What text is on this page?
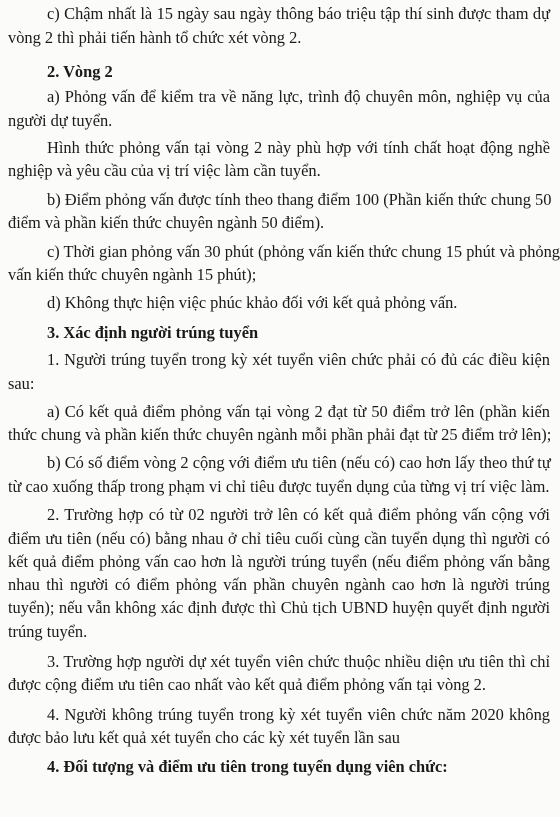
c) Chậm nhất là 15 ngày sau ngày thông báo triệu tập thí sinh được tham dự
vòng 2 thì phải tiến hành tổ chức xét vòng 2.
2. Vòng 2
a) Phỏng vấn để kiểm tra về năng lực, trình độ chuyên môn, nghiệp vụ của
người dự tuyển.
Hình thức phỏng vấn tại vòng 2 này phù hợp với tính chất hoạt động nghề
nghiệp và yêu cầu của vị trí việc làm cần tuyển.
b) Điểm phỏng vấn được tính theo thang điểm 100 (Phần kiến thức chung 50
điểm và phần kiến thức chuyên ngành 50 điểm).
c) Thời gian phỏng vấn 30 phút (phỏng vấn kiến thức chung 15 phút và phỏng
vấn kiến thức chuyên ngành 15 phút);
d) Không thực hiện việc phúc khảo đối với kết quả phỏng vấn.
3. Xác định người trúng tuyển
1. Người trúng tuyển trong kỳ xét tuyển viên chức phải có đủ các điều kiện
sau:
a) Có kết quả điểm phỏng vấn tại vòng 2 đạt từ 50 điểm trở lên (phần kiến
thức chung và phần kiến thức chuyên ngành mỗi phần phải đạt từ 25 điểm trở lên);
b) Có số điểm vòng 2 cộng với điểm ưu tiên (nếu có) cao hơn lấy theo thứ tự
từ cao xuống thấp trong phạm vi chỉ tiêu được tuyển dụng của từng vị trí việc làm.
2. Trường hợp có từ 02 người trở lên có kết quả điểm phỏng vấn cộng với
điểm ưu tiên (nếu có) bằng nhau ở chỉ tiêu cuối cùng cần tuyển dụng thì người có
kết quả điểm phỏng vấn cao hơn là người trúng tuyển (nếu điểm phỏng vấn bằng
nhau thì người có điểm phỏng vấn phần chuyên ngành cao hơn là người trúng
tuyển); nếu vẫn không xác định được thì Chủ tịch UBND huyện quyết định người
trúng tuyển.
3. Trường hợp người dự xét tuyển viên chức thuộc nhiều diện ưu tiên thì chỉ
được cộng điểm ưu tiên cao nhất vào kết quả điểm phỏng vấn tại vòng 2.
4. Người không trúng tuyển trong kỳ xét tuyển viên chức năm 2020 không
được bảo lưu kết quả xét tuyển cho các kỳ xét tuyển lần sau
4. Đối tượng và điểm ưu tiên trong tuyển dụng viên chức:
